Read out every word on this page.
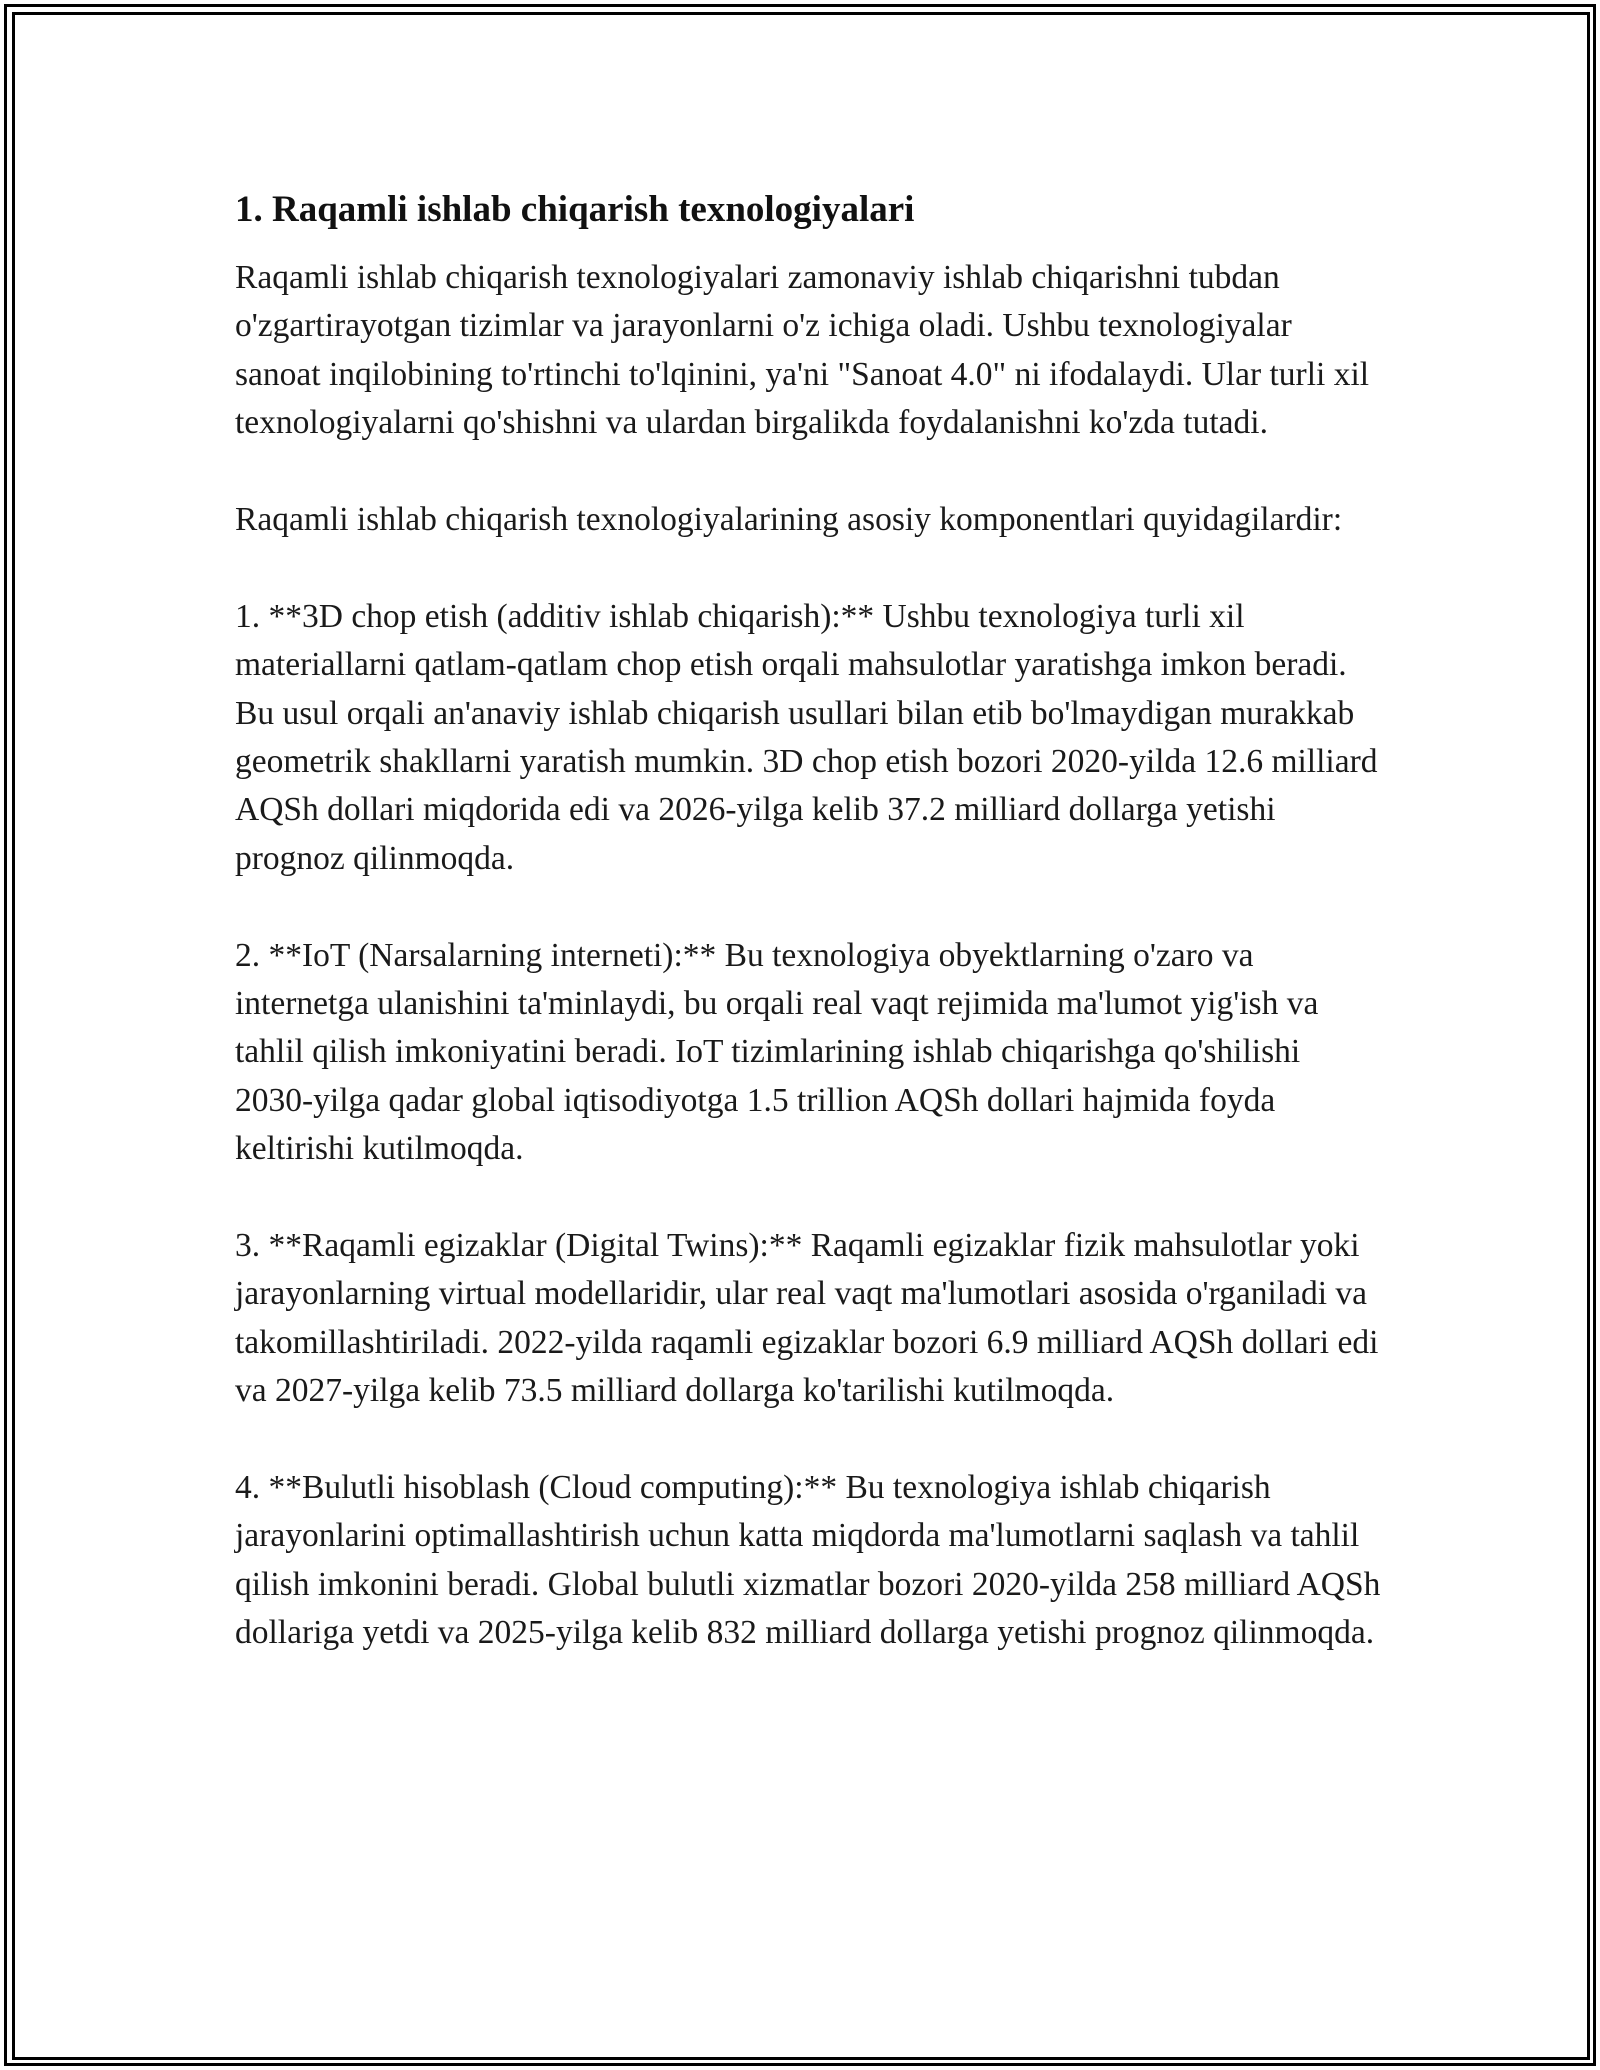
1. Raqamli ishlab chiqarish texnologiyalari

Raqamli ishlab chiqarish texnologiyalari zamonaviy ishlab chiqarishni tubdan o'zgartirayotgan tizimlar va jarayonlarni o'z ichiga oladi. Ushbu texnologiyalar sanoat inqilobining to'rtinchi to'lqinini, ya'ni "Sanoat 4.0" ni ifodalaydi. Ular turli xil texnologiyalarni qo'shishni va ulardan birgalikda foydalanishni ko'zda tutadi.

Raqamli ishlab chiqarish texnologiyalarining asosiy komponentlari quyidagilardir:

1. **3D chop etish (additiv ishlab chiqarish):** Ushbu texnologiya turli xil materiallarni qatlam-qatlam chop etish orqali mahsulotlar yaratishga imkon beradi. Bu usul orqali an'anaviy ishlab chiqarish usullari bilan etib bo'lmaydigan murakkab geometrik shakllarni yaratish mumkin. 3D chop etish bozori 2020-yilda 12.6 milliard AQSh dollari miqdorida edi va 2026-yilga kelib 37.2 milliard dollarga yetishi prognoz qilinmoqda.

2. **IoT (Narsalarning interneti):** Bu texnologiya obyektlarning o'zaro va internetga ulanishini ta'minlaydi, bu orqali real vaqt rejimida ma'lumot yig'ish va tahlil qilish imkoniyatini beradi. IoT tizimlarining ishlab chiqarishga qo'shilishi 2030-yilga qadar global iqtisodiyotga 1.5 trillion AQSh dollari hajmida foyda keltirishi kutilmoqda.

3. **Raqamli egizaklar (Digital Twins):** Raqamli egizaklar fizik mahsulotlar yoki jarayonlarning virtual modellaridir, ular real vaqt ma'lumotlari asosida o'rganiladi va takomillashtiriladi. 2022-yilda raqamli egizaklar bozori 6.9 milliard AQSh dollari edi va 2027-yilga kelib 73.5 milliard dollarga ko'tarilishi kutilmoqda.

4. **Bulutli hisoblash (Cloud computing):** Bu texnologiya ishlab chiqarish jarayonlarini optimallashtirish uchun katta miqdorda ma'lumotlarni saqlash va tahlil qilish imkonini beradi. Global bulutli xizmatlar bozori 2020-yilda 258 milliard AQSh dollariga yetdi va 2025-yilga kelib 832 milliard dollarga yetishi prognoz qilinmoqda.
